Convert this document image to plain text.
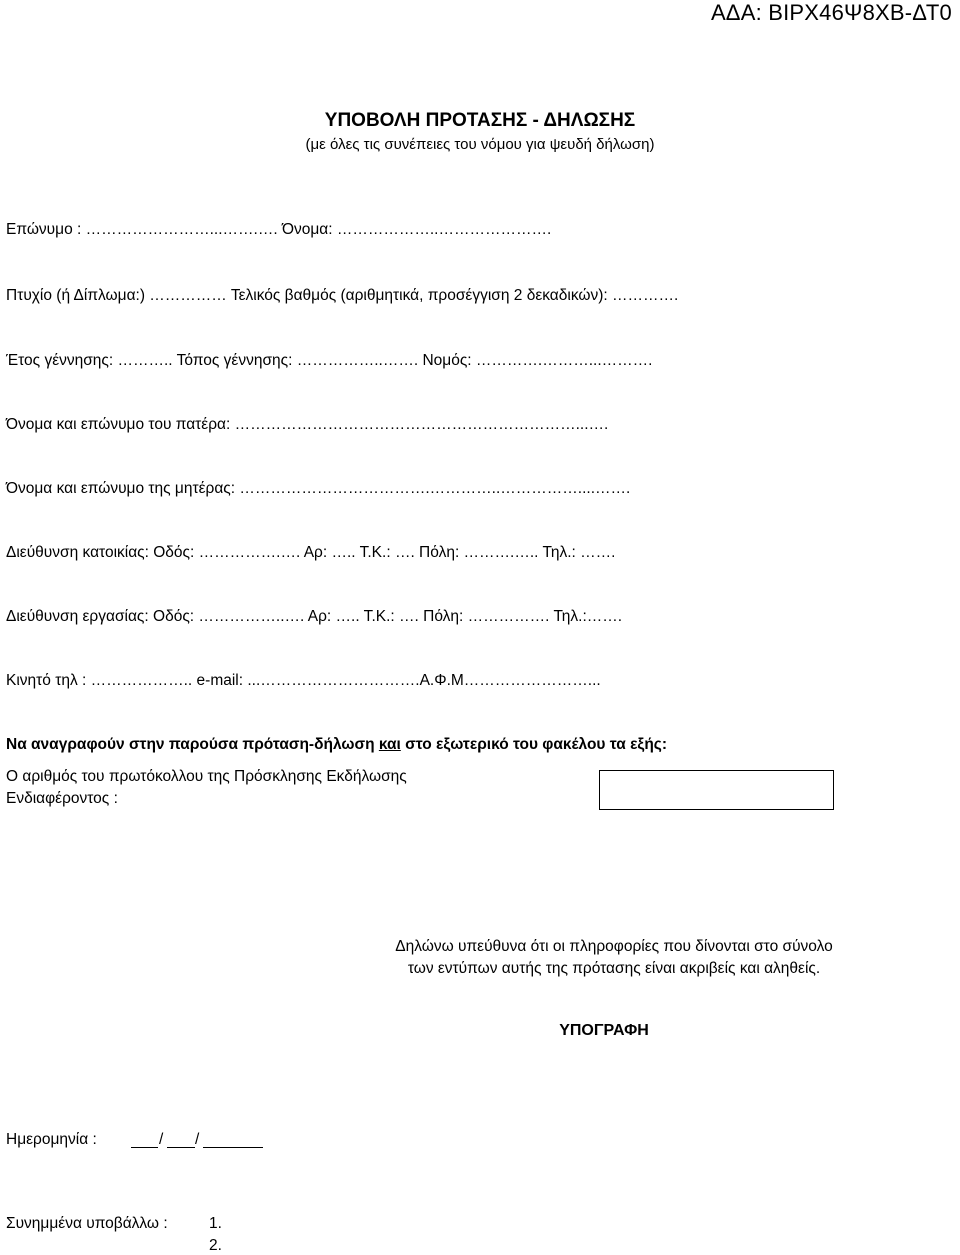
ΑΔΑ: ΒΙΡΧ46Ψ8ΧΒ-ΔΤ0
ΥΠΟΒΟΛΗ ΠΡΟΤΑΣΗΣ - ΔΗΛΩΣΗΣ
(με όλες τις συνέπειες του νόμου για ψευδή δήλωση)
Επώνυμο : ……………………...…….…. Όνομα: ………………..………………….
Πτυχίο (ή Δίπλωμα:) …………… Τελικός βαθμός (αριθμητικά, προσέγγιση 2 δεκαδικών): ………….
Έτος γέννησης: ……….. Τόπος γέννησης: ……………..……. Νομός: ………….………...……….
Όνομα και επώνυμο του πατέρα: …………………………………………………………...….
Όνομα και επώνυμο της μητέρας: ……………………………….…………..……………....…….
Διεύθυνση κατοικίας: Οδός: …………….…. Αρ: ….. Τ.Κ.: …. Πόλη: ……….….. Τηλ.: …….
Διεύθυνση εργασίας: Οδός: ……………..…. Αρ: ….. Τ.Κ.: …. Πόλη: ……………. Τηλ.:…….
Κινητό τηλ : ……………….. e-mail: ...………………………….Α.Φ.Μ……………………...
Να αναγραφούν στην παρούσα πρόταση-δήλωση και στο εξωτερικό του φακέλου τα εξής:
Ο αριθμός του πρωτόκολλου της Πρόσκλησης Εκδήλωσης
Ενδιαφέροντος :
Δηλώνω υπεύθυνα ότι οι πληροφορίες που δίνονται στο σύνολο
των εντύπων αυτής της πρότασης είναι ακριβείς και αληθείς.
ΥΠΟΓΡΑΦΗ
Ημερομηνία :	/ /
Συνημμένα υποβάλλω :	1.
2.
